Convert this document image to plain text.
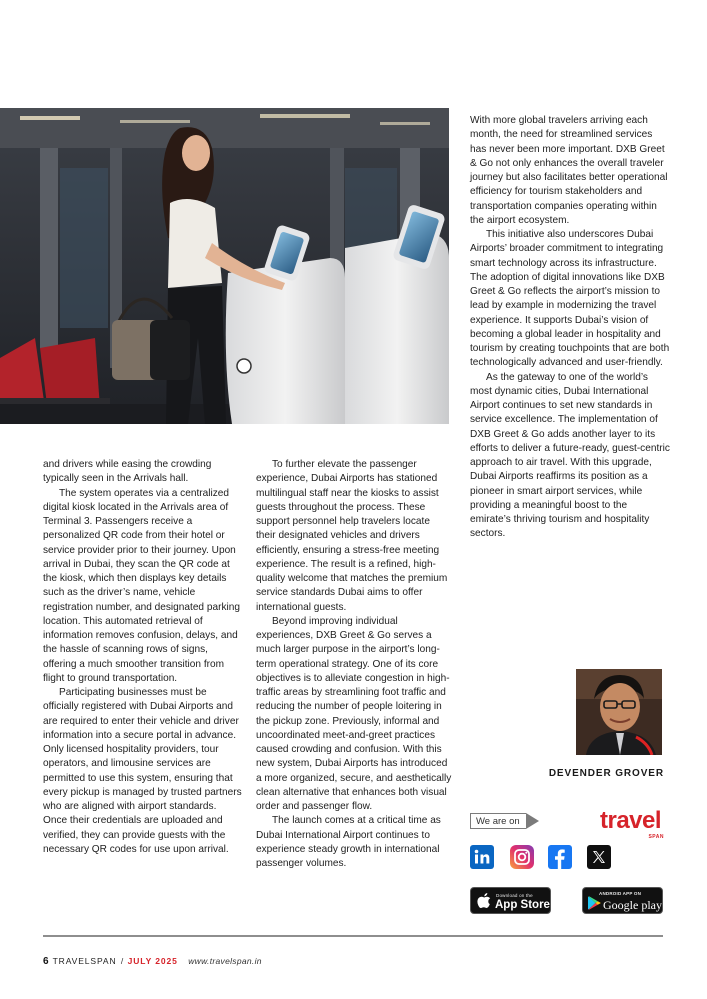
and drivers while easing the crowding typically seen in the Arrivals hall.

The system operates via a centralized digital kiosk located in the Arrivals area of Terminal 3. Passengers receive a personalized QR code from their hotel or service provider prior to their journey. Upon arrival in Dubai, they scan the QR code at the kiosk, which then displays key details such as the driver’s name, vehicle registration number, and designated parking location. This automated retrieval of information removes confusion, delays, and the hassle of scanning rows of signs, offering a much smoother transition from flight to ground transportation.

Participating businesses must be officially registered with Dubai Airports and are required to enter their vehicle and driver information into a secure portal in advance. Only licensed hospitality providers, tour operators, and limousine services are permitted to use this system, ensuring that every pickup is managed by trusted partners who are aligned with airport standards. Once their credentials are uploaded and verified, they can provide guests with the necessary QR codes for use upon arrival.

To further elevate the passenger experience, Dubai Airports has stationed multilingual staff near the kiosks to assist guests throughout the process. These support personnel help travelers locate their designated vehicles and drivers efficiently, ensuring a stress-free meeting experience. The result is a refined, high-quality welcome that matches the premium service standards Dubai aims to offer international guests.

Beyond improving individual experiences, DXB Greet & Go serves a much larger purpose in the airport’s long-term operational strategy. One of its core objectives is to alleviate congestion in high-traffic areas by streamlining foot traffic and reducing the number of people loitering in the pickup zone. Previously, informal and uncoordinated meet-and-greet practices caused crowding and confusion. With this new system, Dubai Airports has introduced a more organized, secure, and aesthetically clean alternative that enhances both visual order and passenger flow.

The launch comes at a critical time as Dubai International Airport continues to experience steady growth in international passenger volumes.

With more global travelers arriving each month, the need for streamlined services has never been more important. DXB Greet & Go not only enhances the overall traveler journey but also facilitates better operational efficiency for tourism stakeholders and transportation companies operating within the airport ecosystem.

This initiative also underscores Dubai Airports’ broader commitment to integrating smart technology across its infrastructure. The adoption of digital innovations like DXB Greet & Go reflects the airport’s mission to lead by example in modernizing the travel experience. It supports Dubai’s vision of becoming a global leader in hospitality and tourism by creating touchpoints that are both technologically advanced and user-friendly.

As the gateway to one of the world’s most dynamic cities, Dubai International Airport continues to set new standards in service excellence. The implementation of DXB Greet & Go adds another layer to its efforts to deliver a future-ready, guest-centric approach to air travel. With this upgrade, Dubai Airports reaffirms its position as a pioneer in smart airport services, while providing a meaningful boost to the emirate’s thriving tourism and hospitality sectors.

DEVENDER GROVER
We are on	travel
SPAN
Download on the
App Store
ANDROID APP ON
Google play
6 TRAVELSPAN / JULY 2025 www.travelspan.in
